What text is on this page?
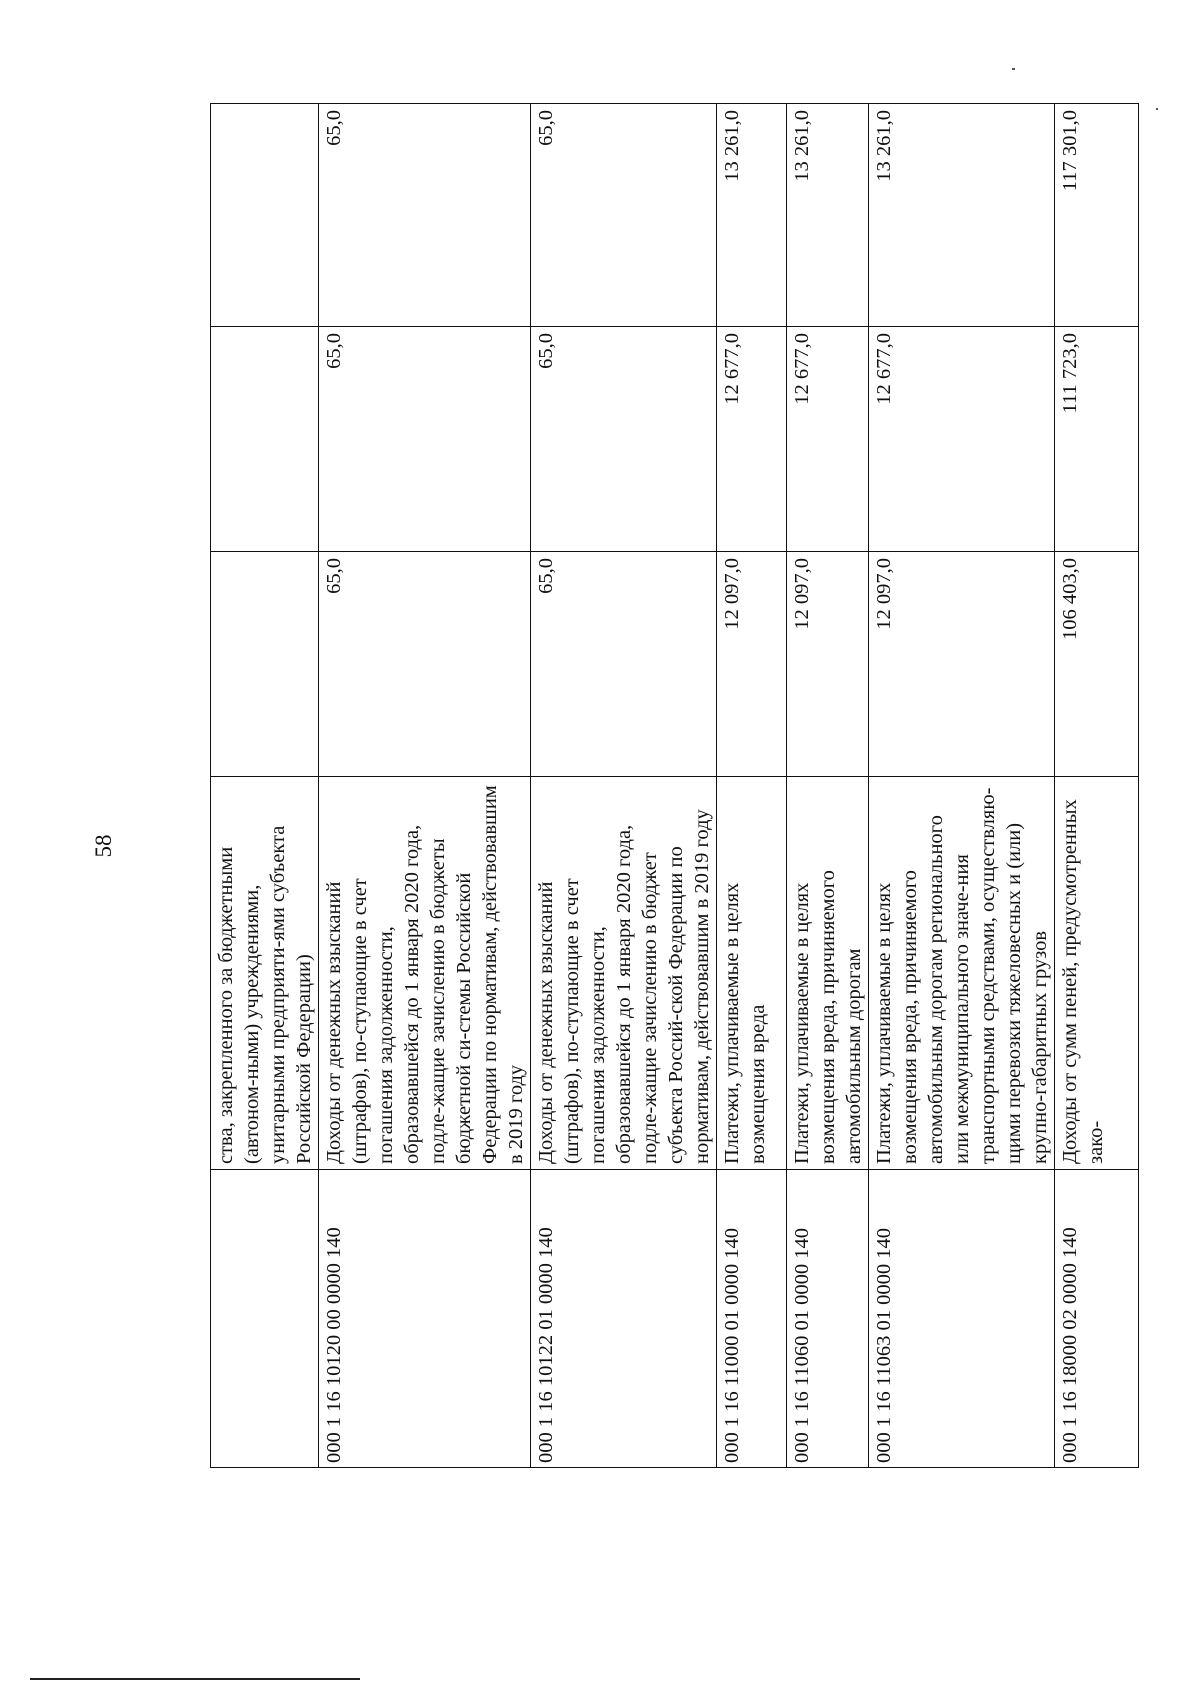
58
	ства, закрепленного за бюджетными (автоном-ными) учреждениями, унитарными предприяти-ями субъекта Российской Федерации)			
000 1 16 10120 00 0000 140	Доходы от денежных взысканий (штрафов), по-ступающие в счет погашения задолженности, образовавшейся до 1 января 2020 года, подле-жащие зачислению в бюджеты бюджетной си-стемы Российской Федерации по нормативам, действовавшим в 2019 году	65,0	65,0	65,0
000 1 16 10122 01 0000 140	Доходы от денежных взысканий (штрафов), по-ступающие в счет погашения задолженности, образовавшейся до 1 января 2020 года, подле-жащие зачислению в бюджет субъекта Россий-ской Федерации по нормативам, действовавшим в 2019 году	65,0	65,0	65,0
000 1 16 11000 01 0000 140	Платежи, уплачиваемые в целях возмещения вреда	12 097,0	12 677,0	13 261,0
000 1 16 11060 01 0000 140	Платежи, уплачиваемые в целях возмещения вреда, причиняемого автомобильным дорогам	12 097,0	12 677,0	13 261,0
000 1 16 11063 01 0000 140	Платежи, уплачиваемые в целях возмещения вреда, причиняемого автомобильным дорогам регионального или межмуниципального значе-ния транспортными средствами, осуществляю-щими перевозки тяжеловесных и (или) крупно-габаритных грузов	12 097,0	12 677,0	13 261,0
000 1 16 18000 02 0000 140	Доходы от сумм пеней, предусмотренных зако-	106 403,0	111 723,0	117 301,0
